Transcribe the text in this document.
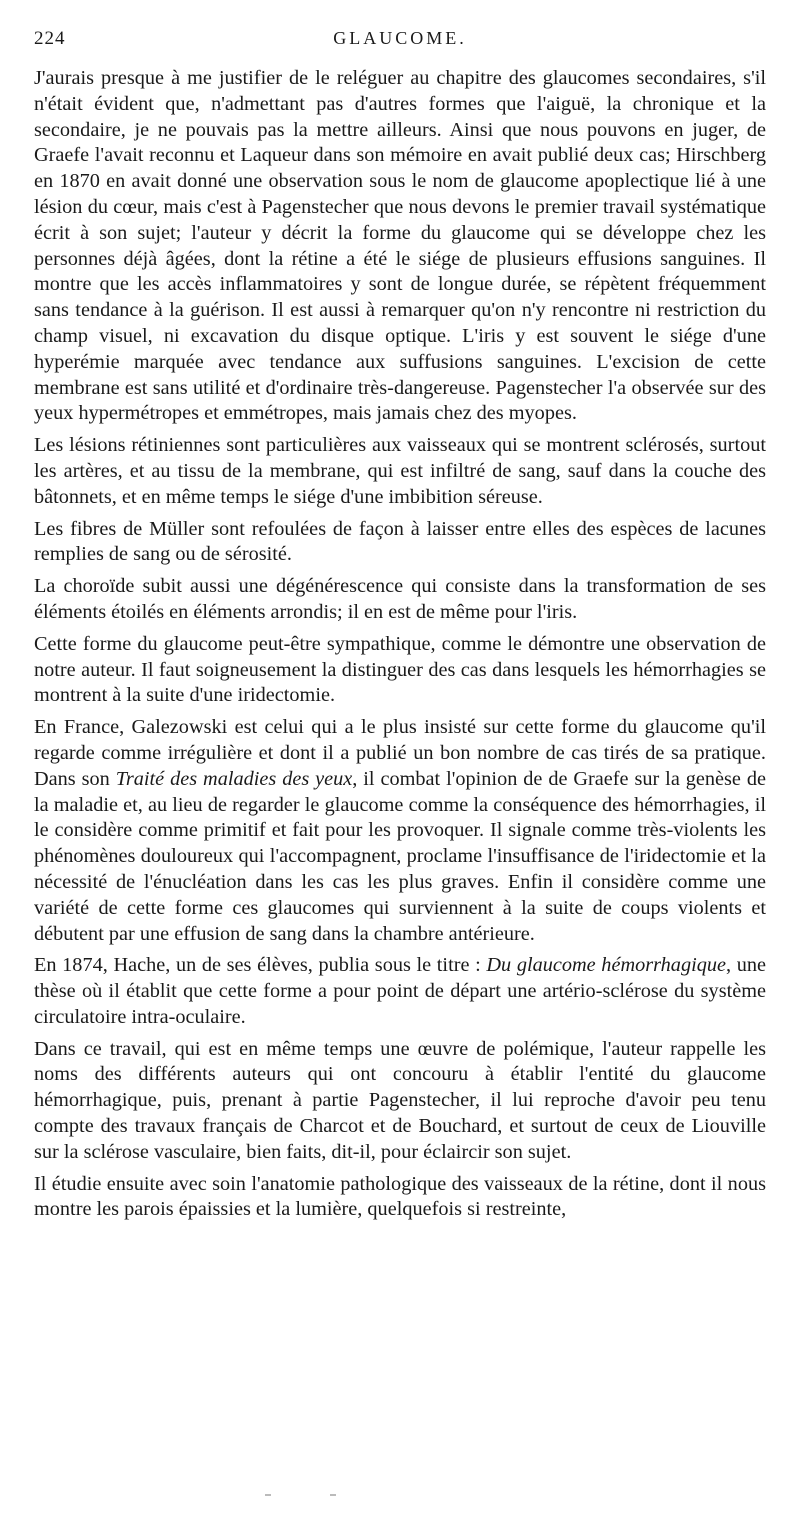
224	GLAUCOME.

J'aurais presque à me justifier de le reléguer au chapitre des glaucomes secondaires, s'il n'était évident que, n'admettant pas d'autres formes que l'aiguë, la chronique et la secondaire, je ne pouvais pas la mettre ailleurs. Ainsi que nous pouvons en juger, de Graefe l'avait reconnu et Laqueur dans son mémoire en avait publié deux cas; Hirschberg en 1870 en avait donné une observation sous le nom de glaucome apoplectique lié à une lésion du cœur, mais c'est à Pagenstecher que nous devons le premier travail systématique écrit à son sujet; l'auteur y décrit la forme du glaucome qui se développe chez les personnes déjà âgées, dont la rétine a été le siége de plusieurs effusions sanguines. Il montre que les accès inflammatoires y sont de longue durée, se répètent fréquemment sans tendance à la guérison. Il est aussi à remarquer qu'on n'y rencontre ni restriction du champ visuel, ni excavation du disque optique. L'iris y est souvent le siége d'une hyperémie marquée avec tendance aux suffusions sanguines. L'excision de cette membrane est sans utilité et d'ordinaire très-dangereuse. Pagenstecher l'a observée sur des yeux hypermétropes et emmétropes, mais jamais chez des myopes.

Les lésions rétiniennes sont particulières aux vaisseaux qui se montrent sclérosés, surtout les artères, et au tissu de la membrane, qui est infiltré de sang, sauf dans la couche des bâtonnets, et en même temps le siége d'une imbibition séreuse.

Les fibres de Müller sont refoulées de façon à laisser entre elles des espèces de lacunes remplies de sang ou de sérosité.

La choroïde subit aussi une dégénérescence qui consiste dans la transformation de ses éléments étoilés en éléments arrondis; il en est de même pour l'iris.

Cette forme du glaucome peut-être sympathique, comme le démontre une observation de notre auteur. Il faut soigneusement la distinguer des cas dans lesquels les hémorrhagies se montrent à la suite d'une iridectomie.

En France, Galezowski est celui qui a le plus insisté sur cette forme du glaucome qu'il regarde comme irrégulière et dont il a publié un bon nombre de cas tirés de sa pratique. Dans son Traité des maladies des yeux, il combat l'opinion de de Graefe sur la genèse de la maladie et, au lieu de regarder le glaucome comme la conséquence des hémorrhagies, il le considère comme primitif et fait pour les provoquer. Il signale comme très-violents les phénomènes douloureux qui l'accompagnent, proclame l'insuffisance de l'iridectomie et la nécessité de l'énucléation dans les cas les plus graves. Enfin il considère comme une variété de cette forme ces glaucomes qui surviennent à la suite de coups violents et débutent par une effusion de sang dans la chambre antérieure.

En 1874, Hache, un de ses élèves, publia sous le titre : Du glaucome hémorrhagique, une thèse où il établit que cette forme a pour point de départ une artério-sclérose du système circulatoire intra-oculaire.

Dans ce travail, qui est en même temps une œuvre de polémique, l'auteur rappelle les noms des différents auteurs qui ont concouru à établir l'entité du glaucome hémorrhagique, puis, prenant à partie Pagenstecher, il lui reproche d'avoir peu tenu compte des travaux français de Charcot et de Bouchard, et surtout de ceux de Liouville sur la sclérose vasculaire, bien faits, dit-il, pour éclaircir son sujet.

Il étudie ensuite avec soin l'anatomie pathologique des vaisseaux de la rétine, dont il nous montre les parois épaissies et la lumière, quelquefois si restreinte,
